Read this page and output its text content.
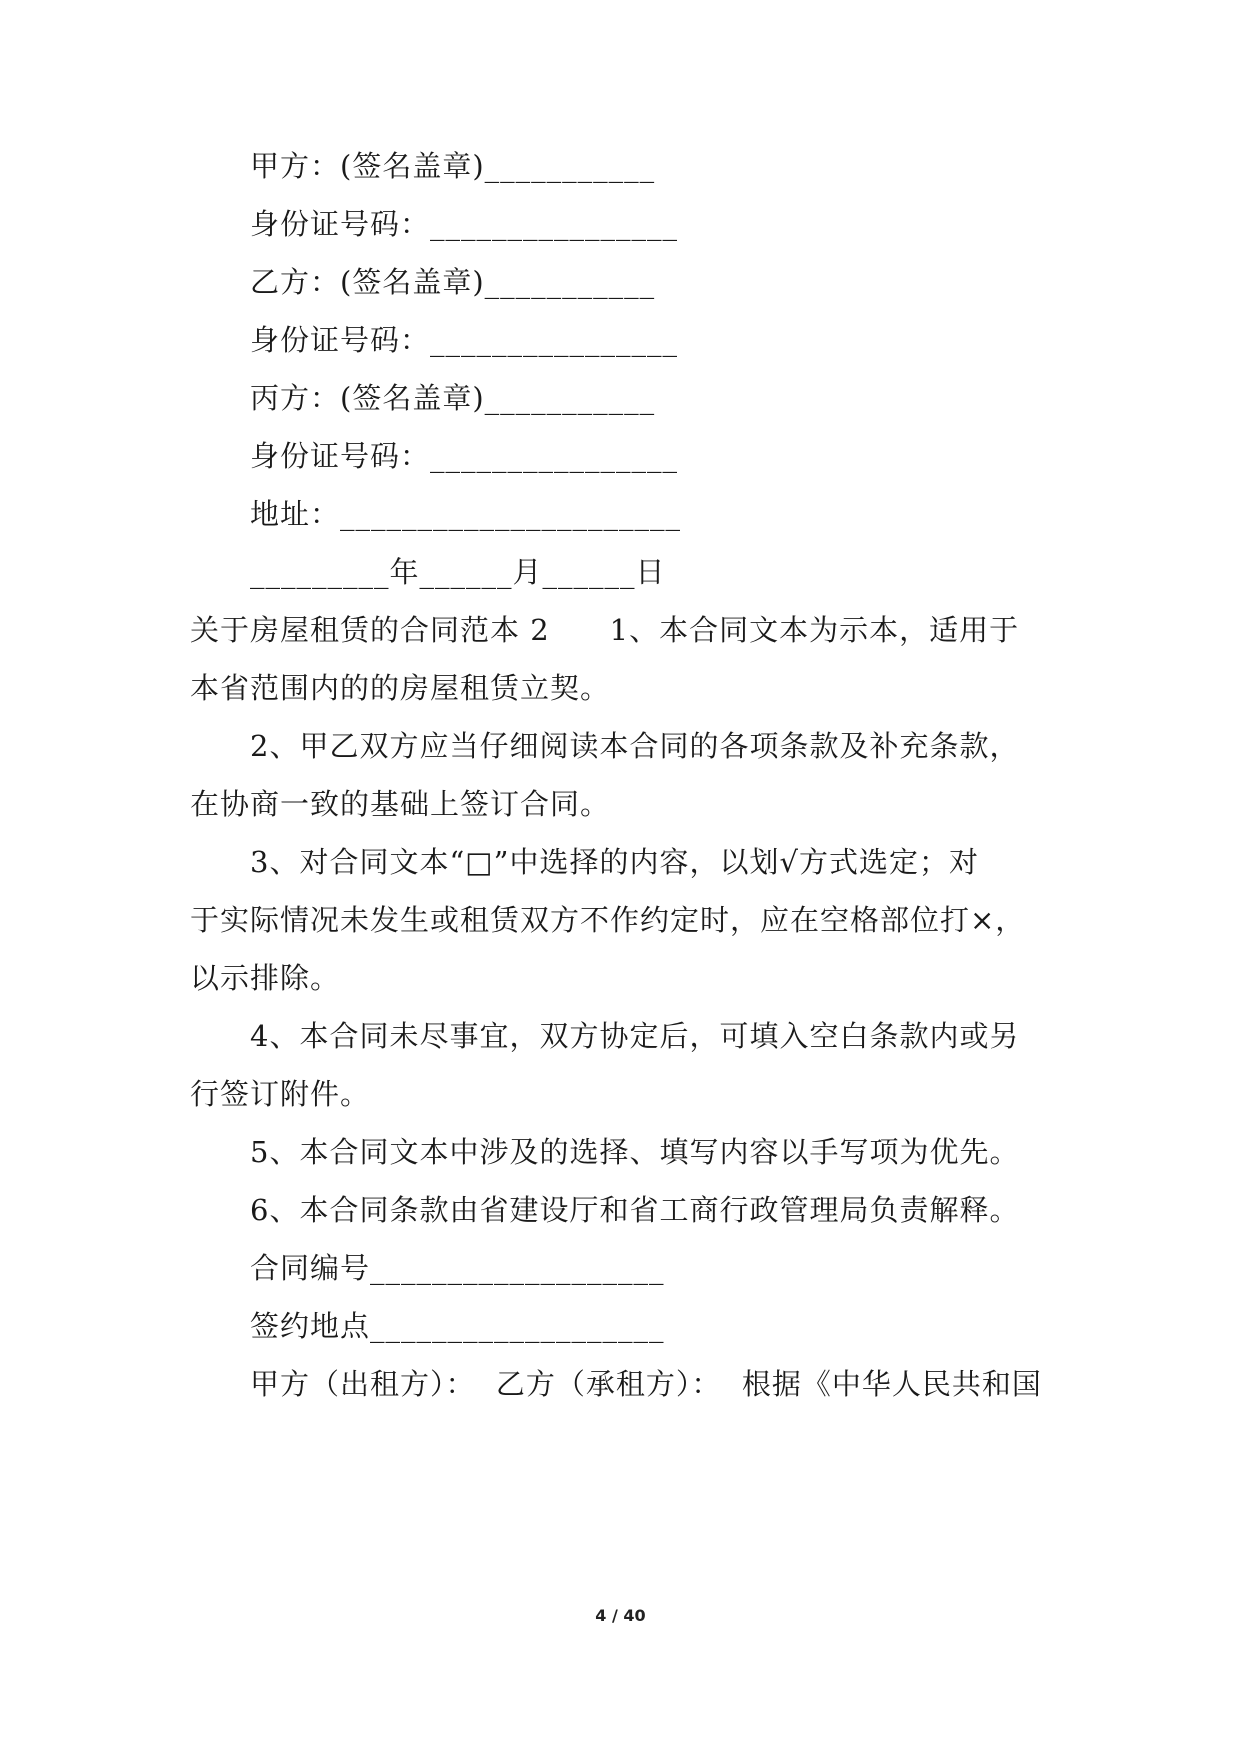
甲方：(签名盖章)___________
身份证号码：________________
乙方：(签名盖章)___________
身份证号码：________________
丙方：(签名盖章)___________
身份证号码：________________
地址：______________________
_________年______月______日
关于房屋租赁的合同范本 2　　1、本合同文本为示本，适用于
本省范围内的的房屋租赁立契。
2、甲乙双方应当仔细阅读本合同的各项条款及补充条款，
在协商一致的基础上签订合同。
3、对合同文本“□”中选择的内容，以划√方式选定；对
于实际情况未发生或租赁双方不作约定时，应在空格部位打×，
以示排除。
4、本合同未尽事宜，双方协定后，可填入空白条款内或另
行签订附件。
5、本合同文本中涉及的选择、填写内容以手写项为优先。
6、本合同条款由省建设厅和省工商行政管理局负责解释。
合同编号___________________
签约地点___________________
甲方（出租方）：  乙方（承租方）：  根据《中华人民共和国
4 / 40
